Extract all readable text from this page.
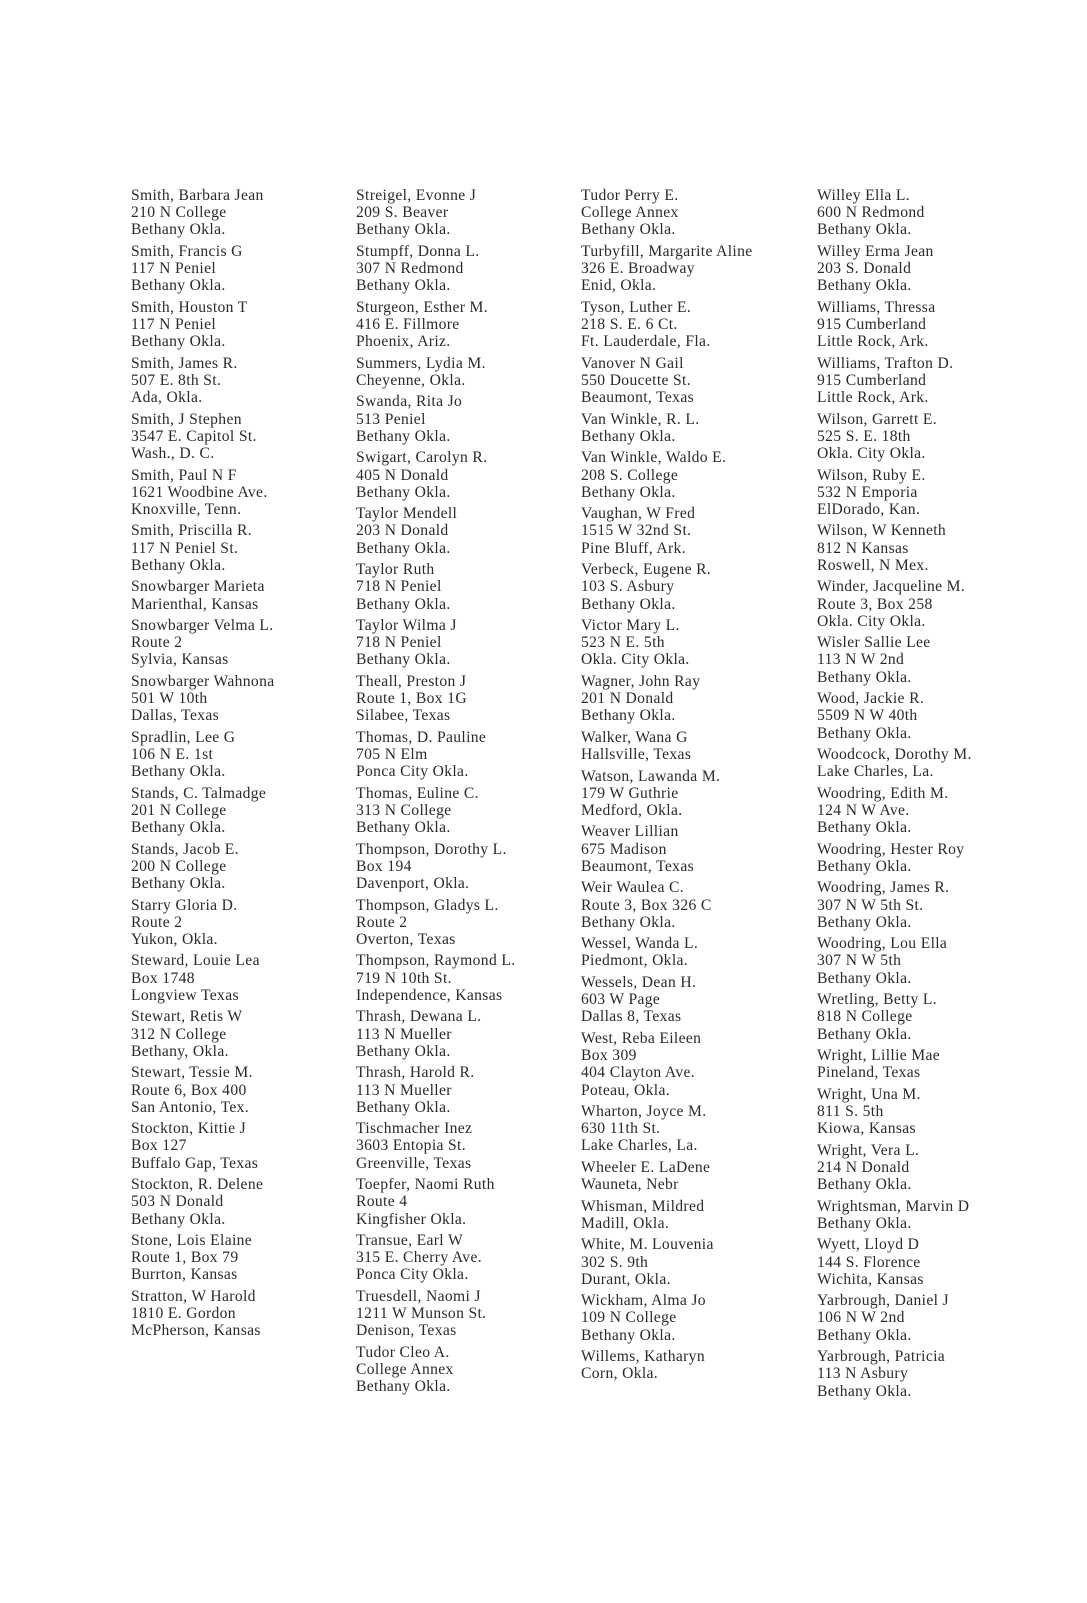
Smith, Barbara Jean
210 N College
Bethany Okla.
Smith, Francis G
117 N Peniel
Bethany Okla.
Smith, Houston T
117 N Peniel
Bethany Okla.
Smith, James R.
507 E. 8th St.
Ada, Okla.
Smith, J Stephen
3547 E. Capitol St.
Wash., D. C.
Smith, Paul N F
1621 Woodbine Ave.
Knoxville, Tenn.
Smith, Priscilla R.
117 N Peniel St.
Bethany Okla.
Snowbarger Marieta
Marienthal, Kansas
Snowbarger Velma L.
Route 2
Sylvia, Kansas
Snowbarger Wahnona
501 W 10th
Dallas, Texas
Spradlin, Lee G
106 N E. 1st
Bethany Okla.
Stands, C. Talmadge
201 N College
Bethany Okla.
Stands, Jacob E.
200 N College
Bethany Okla.
Starry Gloria D.
Route 2
Yukon, Okla.
Steward, Louie Lea
Box 1748
Longview Texas
Stewart, Retis W
312 N College
Bethany, Okla.
Stewart, Tessie M.
Route 6, Box 400
San Antonio, Tex.
Stockton, Kittie J
Box 127
Buffalo Gap, Texas
Stockton, R. Delene
503 N Donald
Bethany Okla.
Stone, Lois Elaine
Route 1, Box 79
Burrton, Kansas
Stratton, W Harold
1810 E. Gordon
McPherson, Kansas
Streigel, Evonne J
209 S. Beaver
Bethany Okla.
Stumpff, Donna L.
307 N Redmond
Bethany Okla.
Sturgeon, Esther M.
416 E. Fillmore
Phoenix, Ariz.
Summers, Lydia M.
Cheyenne, Okla.
Swanda, Rita Jo
513 Peniel
Bethany Okla.
Swigart, Carolyn R.
405 N Donald
Bethany Okla.
Taylor Mendell
203 N Donald
Bethany Okla.
Taylor Ruth
718 N Peniel
Bethany Okla.
Taylor Wilma J
718 N Peniel
Bethany Okla.
Theall, Preston J
Route 1, Box 1G
Silabee, Texas
Thomas, D. Pauline
705 N Elm
Ponca City Okla.
Thomas, Euline C.
313 N College
Bethany Okla.
Thompson, Dorothy L.
Box 194
Davenport, Okla.
Thompson, Gladys L.
Route 2
Overton, Texas
Thompson, Raymond L.
719 N 10th St.
Independence, Kansas
Thrash, Dewana L.
113 N Mueller
Bethany Okla.
Thrash, Harold R.
113 N Mueller
Bethany Okla.
Tischmacher Inez
3603 Entopia St.
Greenville, Texas
Toepfer, Naomi Ruth
Route 4
Kingfisher Okla.
Transue, Earl W
315 E. Cherry Ave.
Ponca City Okla.
Truesdell, Naomi J
1211 W Munson St.
Denison, Texas
Tudor Cleo A.
College Annex
Bethany Okla.
Tudor Perry E.
College Annex
Bethany Okla.
Turbyfill, Margarite Aline
326 E. Broadway
Enid, Okla.
Tyson, Luther E.
218 S. E. 6 Ct.
Ft. Lauderdale, Fla.
Vanover N Gail
550 Doucette St.
Beaumont, Texas
Van Winkle, R. L.
Bethany Okla.
Van Winkle, Waldo E.
208 S. College
Bethany Okla.
Vaughan, W Fred
1515 W 32nd St.
Pine Bluff, Ark.
Verbeck, Eugene R.
103 S. Asbury
Bethany Okla.
Victor Mary L.
523 N E. 5th
Okla. City Okla.
Wagner, John Ray
201 N Donald
Bethany Okla.
Walker, Wana G
Hallsville, Texas
Watson, Lawanda M.
179 W Guthrie
Medford, Okla.
Weaver Lillian
675 Madison
Beaumont, Texas
Weir Waulea C.
Route 3, Box 326 C
Bethany Okla.
Wessel, Wanda L.
Piedmont, Okla.
Wessels, Dean H.
603 W Page
Dallas 8, Texas
West, Reba Eileen
Box 309
404 Clayton Ave.
Poteau, Okla.
Wharton, Joyce M.
630 11th St.
Lake Charles, La.
Wheeler E. LaDene
Wauneta, Nebr
Whisman, Mildred
Madill, Okla.
White, M. Louvenia
302 S. 9th
Durant, Okla.
Wickham, Alma Jo
109 N College
Bethany Okla.
Willems, Katharyn
Corn, Okla.
Willey Ella L.
600 N Redmond
Bethany Okla.
Willey Erma Jean
203 S. Donald
Bethany Okla.
Williams, Thressa
915 Cumberland
Little Rock, Ark.
Williams, Trafton D.
915 Cumberland
Little Rock, Ark.
Wilson, Garrett E.
525 S. E. 18th
Okla. City Okla.
Wilson, Ruby E.
532 N Emporia
ElDorado, Kan.
Wilson, W Kenneth
812 N Kansas
Roswell, N Mex.
Winder, Jacqueline M.
Route 3, Box 258
Okla. City Okla.
Wisler Sallie Lee
113 N W 2nd
Bethany Okla.
Wood, Jackie R.
5509 N W 40th
Bethany Okla.
Woodcock, Dorothy M.
Lake Charles, La.
Woodring, Edith M.
124 N W Ave.
Bethany Okla.
Woodring, Hester Roy
Bethany Okla.
Woodring, James R.
307 N W 5th St.
Bethany Okla.
Woodring, Lou Ella
307 N W 5th
Bethany Okla.
Wretling, Betty L.
818 N College
Bethany Okla.
Wright, Lillie Mae
Pineland, Texas
Wright, Una M.
811 S. 5th
Kiowa, Kansas
Wright, Vera L.
214 N Donald
Bethany Okla.
Wrightsman, Marvin D
Bethany Okla.
Wyett, Lloyd D
144 S. Florence
Wichita, Kansas
Yarbrough, Daniel J
106 N W 2nd
Bethany Okla.
Yarbrough, Patricia
113 N Asbury
Bethany Okla.
